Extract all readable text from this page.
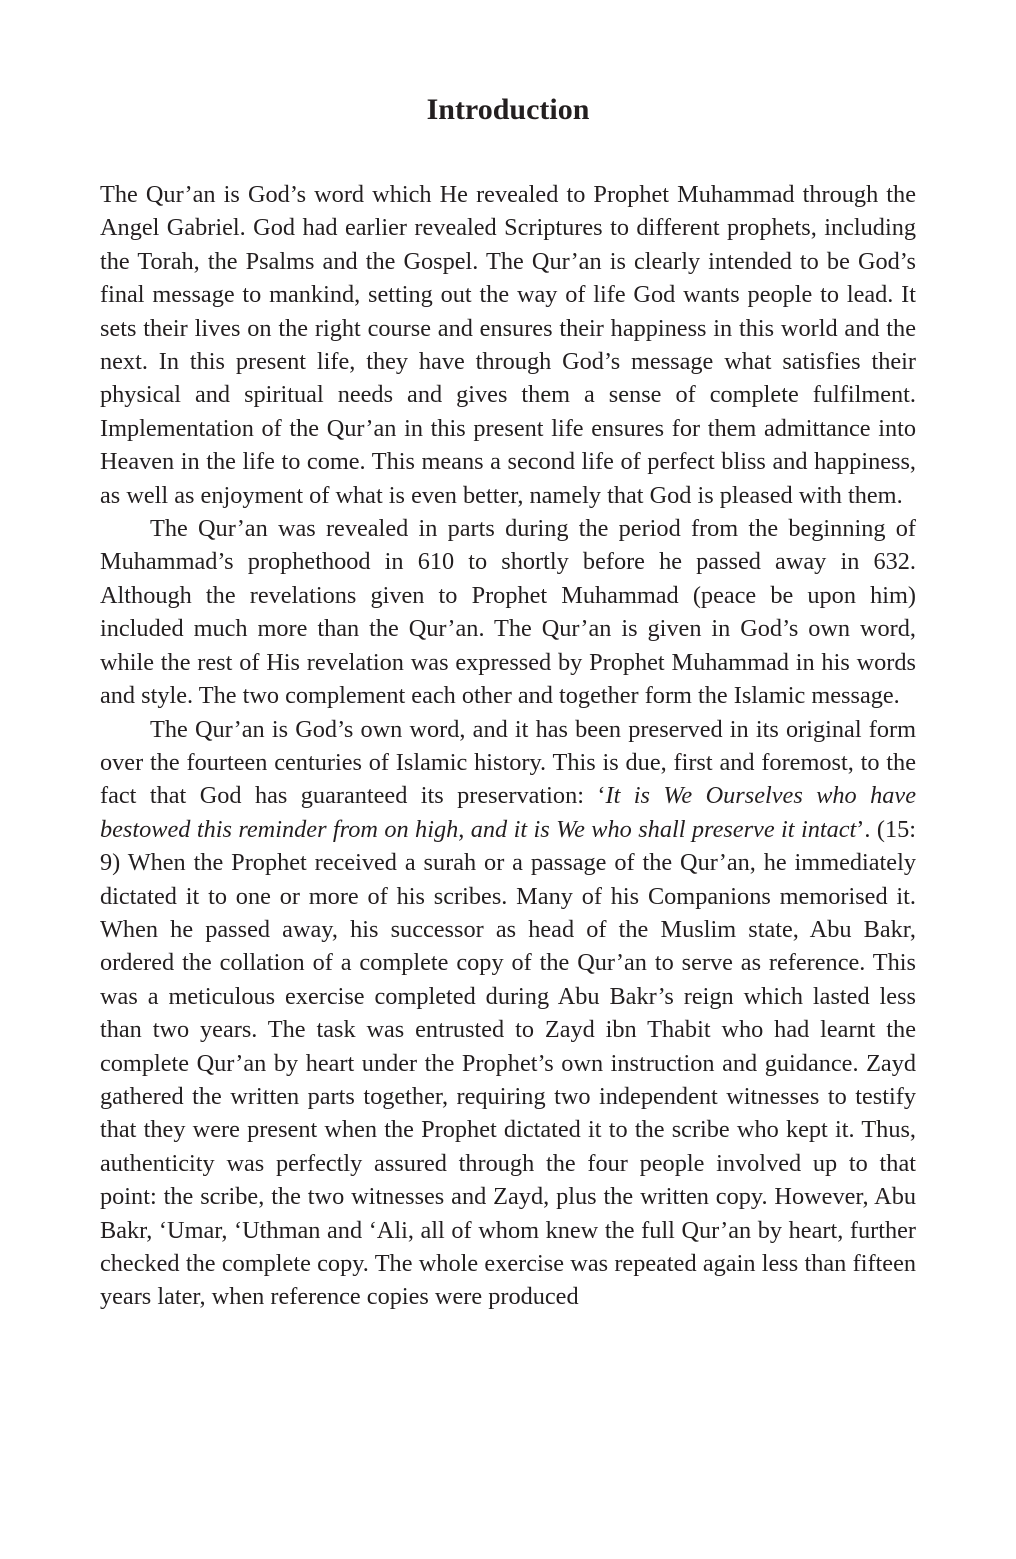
Introduction

The Qur’an is God’s word which He revealed to Prophet Muhammad through the Angel Gabriel. God had earlier revealed Scriptures to different prophets, including the Torah, the Psalms and the Gospel. The Qur’an is clearly intended to be God’s final message to mankind, setting out the way of life God wants people to lead. It sets their lives on the right course and ensures their happiness in this world and the next. In this present life, they have through God’s message what satisfies their physical and spiritual needs and gives them a sense of complete fulfilment. Implementation of the Qur’an in this present life ensures for them admittance into Heaven in the life to come. This means a second life of perfect bliss and happiness, as well as enjoyment of what is even better, namely that God is pleased with them.

The Qur’an was revealed in parts during the period from the beginning of Muhammad’s prophethood in 610 to shortly before he passed away in 632. Although the revelations given to Prophet Muhammad (peace be upon him) included much more than the Qur’an. The Qur’an is given in God’s own word, while the rest of His revelation was expressed by Prophet Muhammad in his words and style. The two complement each other and together form the Islamic message.

The Qur’an is God’s own word, and it has been preserved in its original form over the fourteen centuries of Islamic history. This is due, first and foremost, to the fact that God has guaranteed its preservation: ‘It is We Ourselves who have bestowed this reminder from on high, and it is We who shall preserve it intact’. (15: 9) When the Prophet received a surah or a passage of the Qur’an, he immediately dictated it to one or more of his scribes. Many of his Companions memorised it. When he passed away, his successor as head of the Muslim state, Abu Bakr, ordered the collation of a complete copy of the Qur’an to serve as reference. This was a meticulous exercise completed during Abu Bakr’s reign which lasted less than two years. The task was entrusted to Zayd ibn Thabit who had learnt the complete Qur’an by heart under the Prophet’s own instruction and guidance. Zayd gathered the written parts together, requiring two independent witnesses to testify that they were present when the Prophet dictated it to the scribe who kept it. Thus, authenticity was perfectly assured through the four people involved up to that point: the scribe, the two witnesses and Zayd, plus the written copy. However, Abu Bakr, ‘Umar, ‘Uthman and ‘Ali, all of whom knew the full Qur’an by heart, further checked the complete copy. The whole exercise was repeated again less than fifteen years later, when reference copies were produced
